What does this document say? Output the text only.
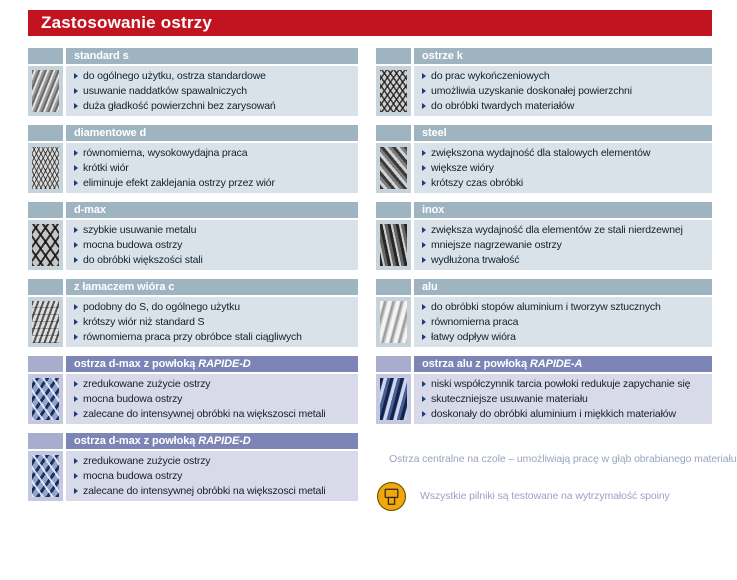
Zastosowanie ostrzy
standard s
do ogólnego użytku, ostrza standardowe
usuwanie naddatków spawalniczych
duża gładkość powierzchni bez zarysowań
diamentowe d
równomierna, wysokowydajna praca
krótki wiór
eliminuje efekt zaklejania ostrzy przez wiór
d-max
szybkie usuwanie metalu
mocna budowa ostrzy
do obróbki większości stali
z łamaczem wióra c
podobny do S, do ogólnego użytku
krótszy wiór niż standard S
równomierna praca przy obróbce stali ciągliwych
ostrza d-max z powłoką RAPIDE-D
zredukowane zużycie ostrzy
mocna budowa ostrzy
zalecane do intensywnej obróbki na większosci metali
ostrza d-max z powłoką RAPIDE-D
zredukowane zużycie ostrzy
mocna budowa ostrzy
zalecane do intensywnej obróbki na większosci metali
ostrze k
do prac wykończeniowych
umożliwia uzyskanie doskonałej powierzchni
do obróbki twardych materiałów
steel
zwiększona wydajność dla stalowych elementów
większe wióry
krótszy czas obróbki
inox
zwiększa wydajność dla elementów ze stali nierdzewnej
mniejsze nagrzewanie ostrzy
wydłużona trwałość
alu
do obróbki stopów aluminium i tworzyw sztucznych
równomierna praca
łatwy odpływ wióra
ostrza alu z powłoką RAPIDE-A
niski współczynnik tarcia powłoki redukuje zapychanie się
skuteczniejsze usuwanie materiału
doskonały do obróbki aluminium i miękkich materiałów
Ostrza centralne na czole – umożliwiają pracę w głąb obrabianego materiału
Wszystkie pilniki są testowane na wytrzymałość spoiny
